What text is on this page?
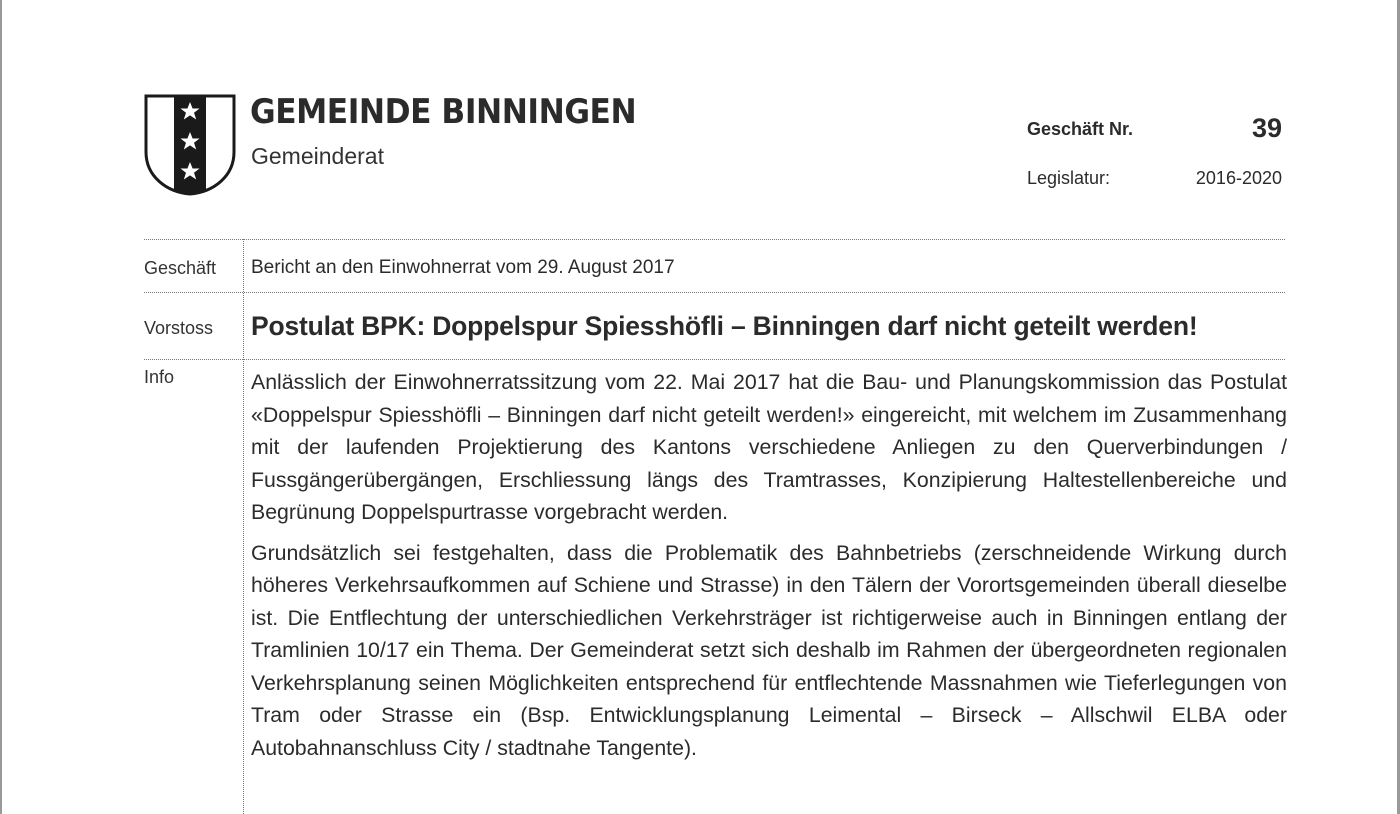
GEMEINDE BINNINGEN
Gemeinderat
Geschäft Nr.	39
Legislatur:	2016-2020
Geschäft Bericht an den Einwohnerrat vom 29. August 2017
Vorstoss Postulat BPK: Doppelspur Spiesshöfli – Binningen darf nicht geteilt werden!
Info	Anlässlich der Einwohnerratssitzung vom 22. Mai 2017 hat die Bau- und Planungskommission das Postulat «Doppelspur Spiesshöfli – Binningen darf nicht geteilt werden!» eingereicht, mit welchem im Zusammenhang mit der laufenden Projektierung des Kantons verschiedene Anliegen zu den Querverbindungen / Fussgängerübergängen, Erschliessung längs des Tramtrasses, Konzipierung Haltestellenbereiche und Begrünung Doppelspurtrasse vorgebracht werden.

Grundsätzlich sei festgehalten, dass die Problematik des Bahnbetriebs (zerschneidende Wirkung durch höheres Verkehrsaufkommen auf Schiene und Strasse) in den Tälern der Vorortsgemeinden überall dieselbe ist. Die Entflechtung der unterschiedlichen Verkehrsträger ist richtigerweise auch in Binningen entlang der Tramlinien 10/17 ein Thema. Der Gemeinderat setzt sich deshalb im Rahmen der übergeordneten regionalen Verkehrsplanung seinen Möglichkeiten entsprechend für entflechtende Massnahmen wie Tieferlegungen von Tram oder Strasse ein (Bsp. Entwicklungsplanung Leimental – Birseck – Allschwil ELBA oder Autobahnanschluss City / stadtnahe Tangente).
